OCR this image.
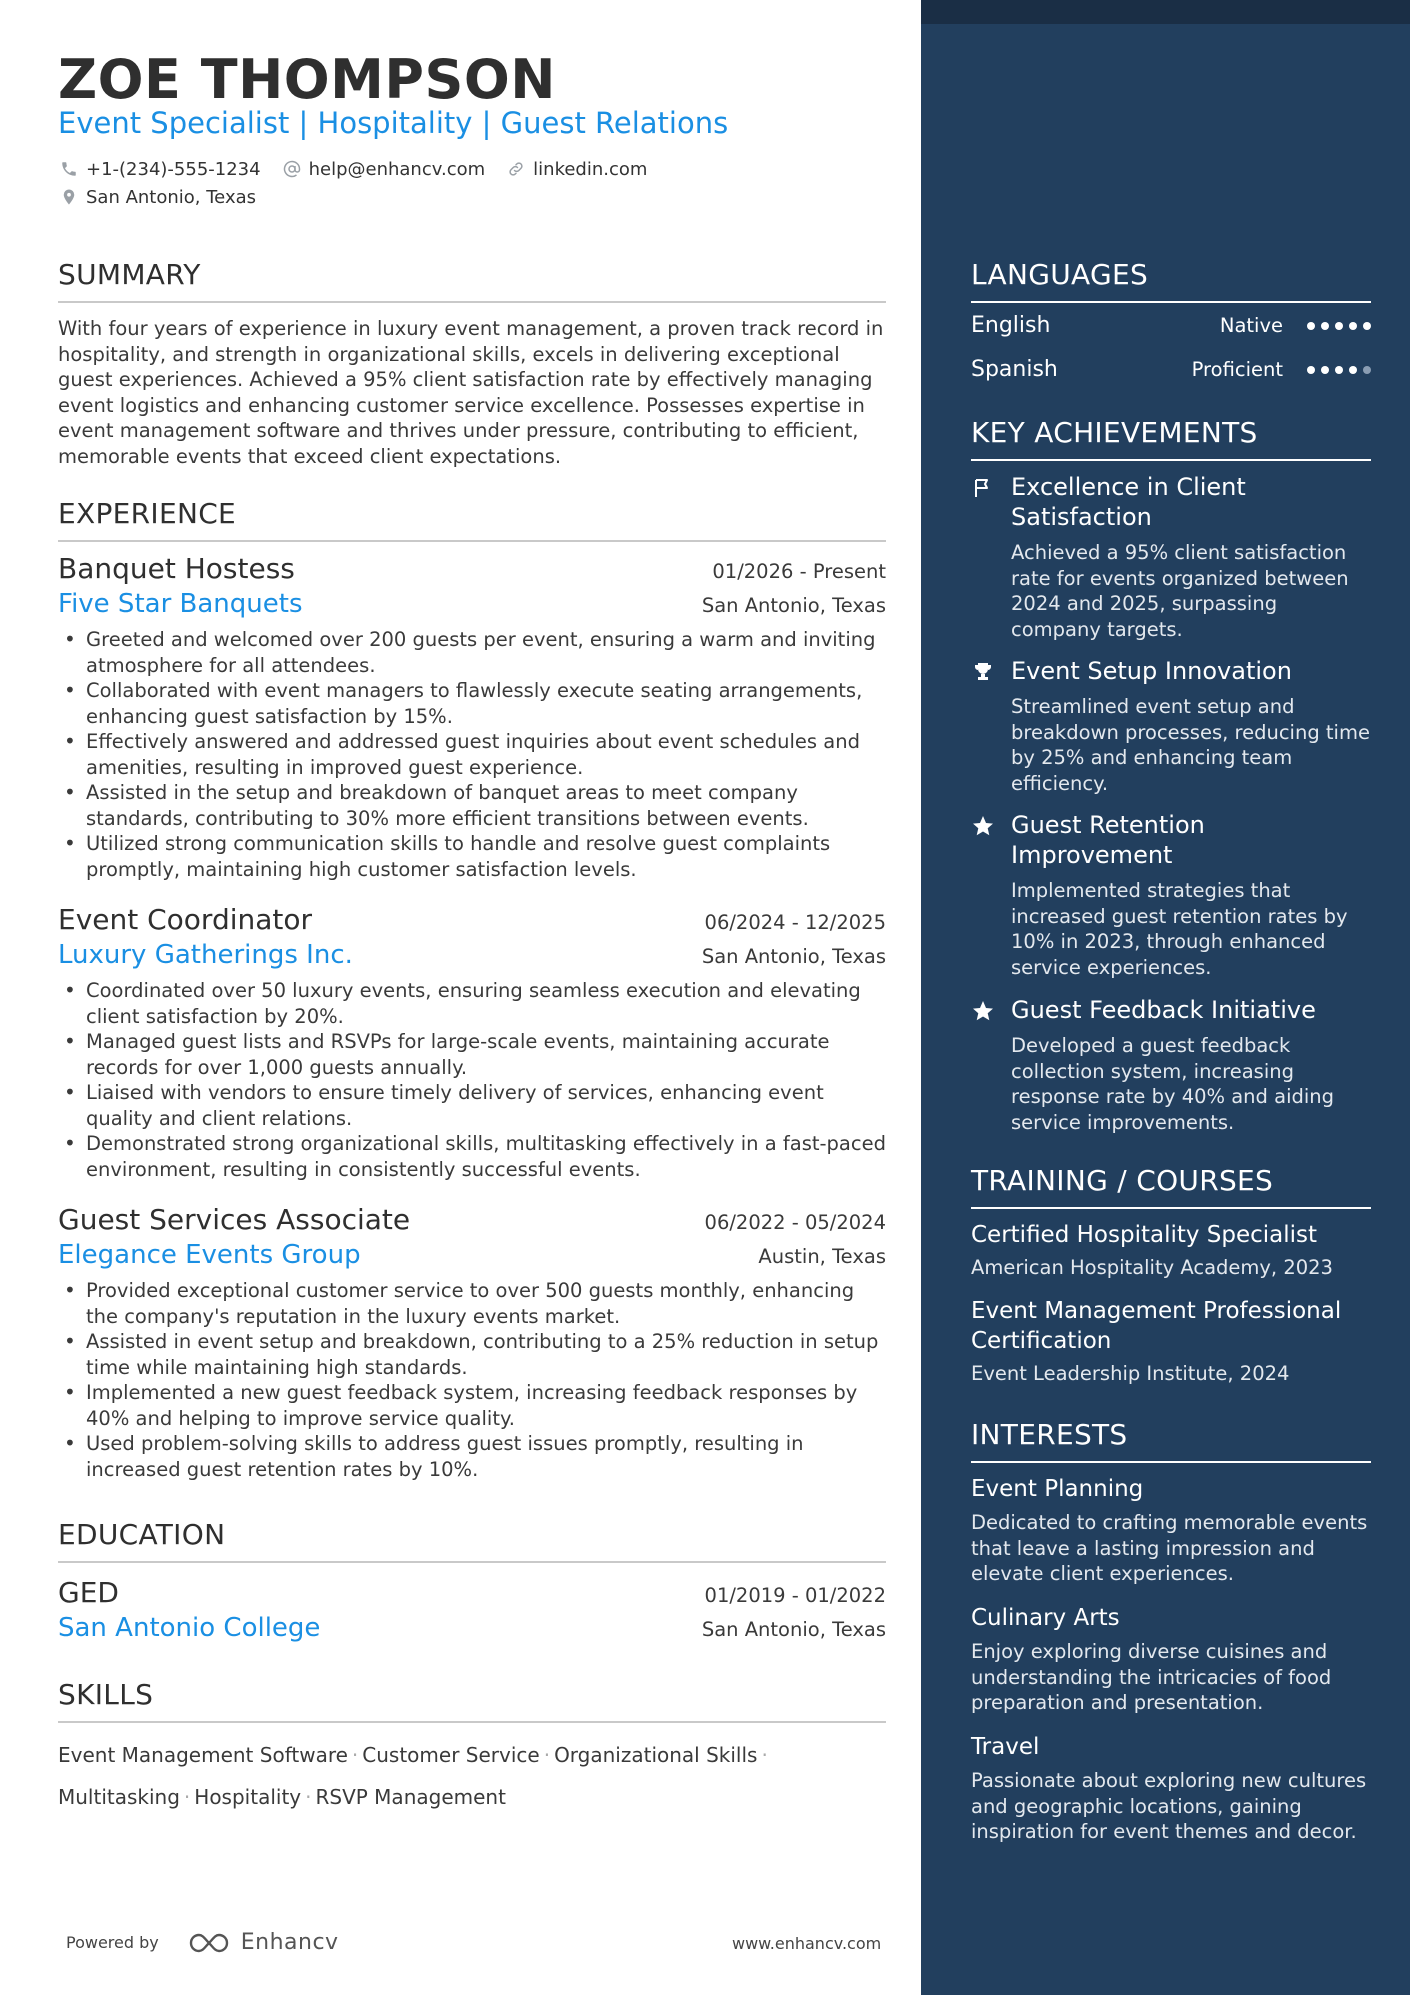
ZOE THOMPSON
Event Specialist | Hospitality | Guest Relations
+1-(234)-555-1234	help@enhancv.com	linkedin.com
San Antonio, Texas
SUMMARY
With four years of experience in luxury event management, a proven track record in hospitality, and strength in organizational skills, excels in delivering exceptional guest experiences. Achieved a 95% client satisfaction rate by effectively managing event logistics and enhancing customer service excellence. Possesses expertise in event management software and thrives under pressure, contributing to efficient, memorable events that exceed client expectations.
EXPERIENCE
Banquet Hostess	01/2026 - Present
Five Star Banquets	San Antonio, Texas
• Greeted and welcomed over 200 guests per event, ensuring a warm and inviting atmosphere for all attendees.
• Collaborated with event managers to flawlessly execute seating arrangements, enhancing guest satisfaction by 15%.
• Effectively answered and addressed guest inquiries about event schedules and amenities, resulting in improved guest experience.
• Assisted in the setup and breakdown of banquet areas to meet company standards, contributing to 30% more efficient transitions between events.
• Utilized strong communication skills to handle and resolve guest complaints promptly, maintaining high customer satisfaction levels.
Event Coordinator	06/2024 - 12/2025
Luxury Gatherings Inc.	San Antonio, Texas
• Coordinated over 50 luxury events, ensuring seamless execution and elevating client satisfaction by 20%.
• Managed guest lists and RSVPs for large-scale events, maintaining accurate records for over 1,000 guests annually.
• Liaised with vendors to ensure timely delivery of services, enhancing event quality and client relations.
• Demonstrated strong organizational skills, multitasking effectively in a fast-paced environment, resulting in consistently successful events.
Guest Services Associate	06/2022 - 05/2024
Elegance Events Group	Austin, Texas
• Provided exceptional customer service to over 500 guests monthly, enhancing the company's reputation in the luxury events market.
• Assisted in event setup and breakdown, contributing to a 25% reduction in setup time while maintaining high standards.
• Implemented a new guest feedback system, increasing feedback responses by 40% and helping to improve service quality.
• Used problem-solving skills to address guest issues promptly, resulting in increased guest retention rates by 10%.
EDUCATION
GED	01/2019 - 01/2022
San Antonio College	San Antonio, Texas
SKILLS
Event Management Software · Customer Service · Organizational Skills ·
Multitasking · Hospitality · RSVP Management
Powered by	Enhancv	www.enhancv.com
LANGUAGES
English	Native
Spanish	Proficient
KEY ACHIEVEMENTS
Excellence in Client Satisfaction
Achieved a 95% client satisfaction rate for events organized between 2024 and 2025, surpassing company targets.
Event Setup Innovation
Streamlined event setup and breakdown processes, reducing time by 25% and enhancing team efficiency.
Guest Retention Improvement
Implemented strategies that increased guest retention rates by 10% in 2023, through enhanced service experiences.
Guest Feedback Initiative
Developed a guest feedback collection system, increasing response rate by 40% and aiding service improvements.
TRAINING / COURSES
Certified Hospitality Specialist
American Hospitality Academy, 2023
Event Management Professional Certification
Event Leadership Institute, 2024
INTERESTS
Event Planning
Dedicated to crafting memorable events that leave a lasting impression and elevate client experiences.
Culinary Arts
Enjoy exploring diverse cuisines and understanding the intricacies of food preparation and presentation.
Travel
Passionate about exploring new cultures and geographic locations, gaining inspiration for event themes and decor.
